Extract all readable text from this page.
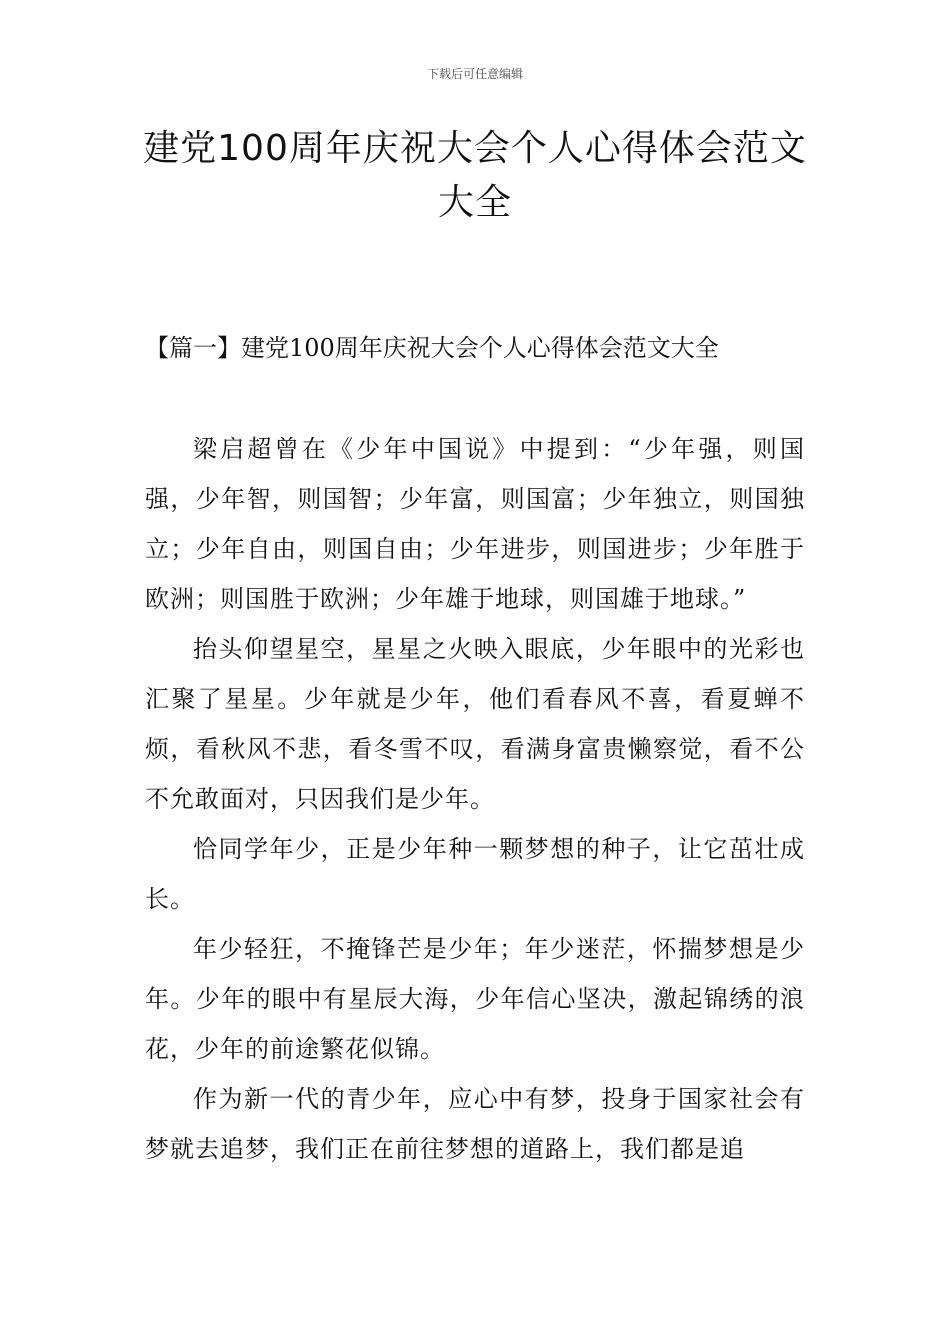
下载后可任意编辑
建党100周年庆祝大会个人心得体会范文
大全
【篇一】建党100周年庆祝大会个人心得体会范文大全

梁启超曾在《少年中国说》中提到：“少年强，则国强，少年智，则国智；少年富，则国富；少年独立，则国独立；少年自由，则国自由；少年进步，则国进步；少年胜于欧洲；则国胜于欧洲；少年雄于地球，则国雄于地球。”

抬头仰望星空，星星之火映入眼底，少年眼中的光彩也汇聚了星星。少年就是少年，他们看春风不喜，看夏蝉不烦，看秋风不悲，看冬雪不叹，看满身富贵懒察觉，看不公不允敢面对，只因我们是少年。

恰同学年少，正是少年种一颗梦想的种子，让它茁壮成长。

年少轻狂，不掩锋芒是少年；年少迷茫，怀揣梦想是少年。少年的眼中有星辰大海，少年信心坚决，激起锦绣的浪花，少年的前途繁花似锦。

作为新一代的青少年，应心中有梦，投身于国家社会有梦就去追梦，我们正在前往梦想的道路上，我们都是追
